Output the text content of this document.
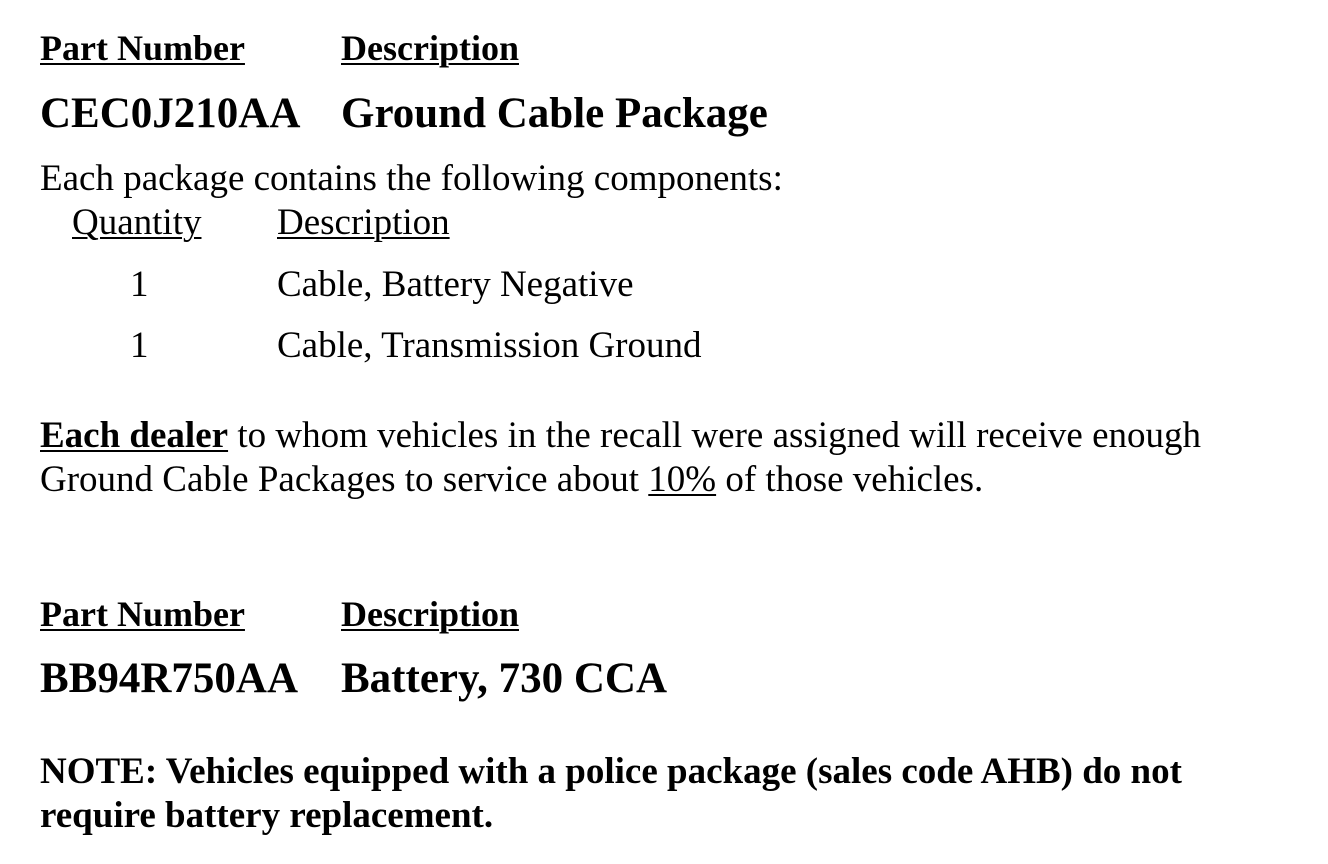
Part Number	Description
CEC0J210AA Ground Cable Package
Each package contains the following components:
Quantity Description
1	Cable, Battery Negative
1	Cable, Transmission Ground
Each dealer to whom vehicles in the recall were assigned will receive enough
Ground Cable Packages to service about 10% of those vehicles.
Part Number	Description
BB94R750AA Battery, 730 CCA
NOTE: Vehicles equipped with a police package (sales code AHB) do not
require battery replacement.
